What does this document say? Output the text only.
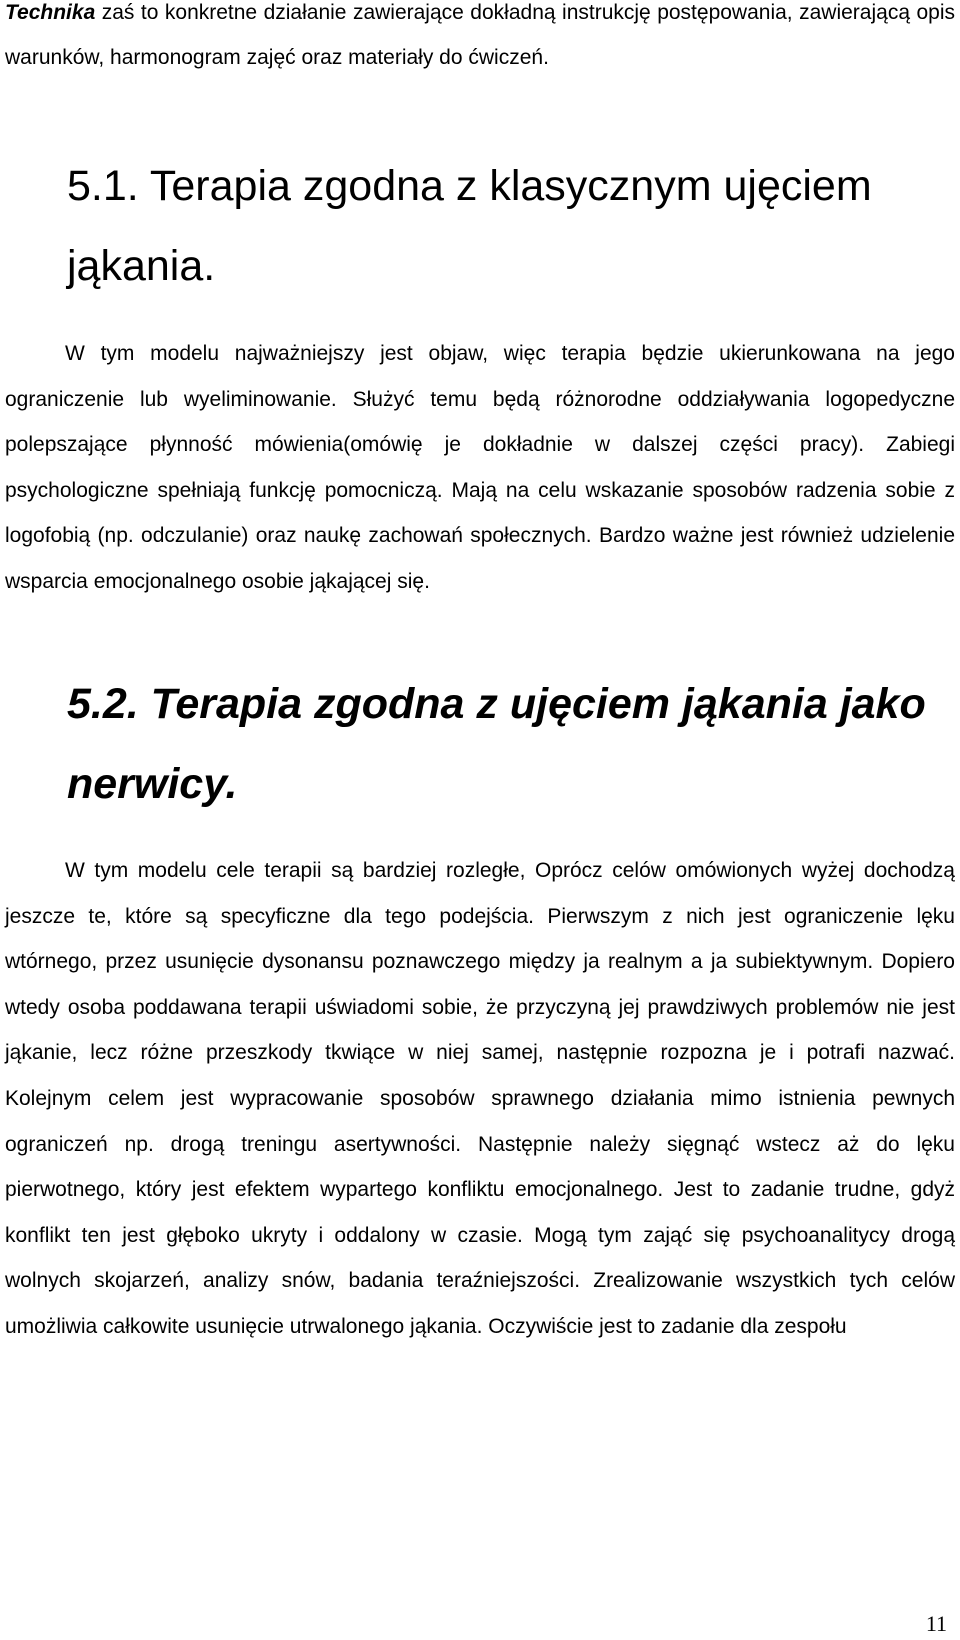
Technika zaś to konkretne działanie zawierające dokładną instrukcję postępowania, zawierającą opis warunków, harmonogram zajęć oraz materiały do ćwiczeń.

5.1. Terapia zgodna z klasycznym ujęciem jąkania.

W tym modelu najważniejszy jest objaw, więc terapia będzie ukierunkowana na jego ograniczenie lub wyeliminowanie. Służyć temu będą różnorodne oddziaływania logopedyczne polepszające płynność mówienia(omówię je dokładnie w dalszej części pracy). Zabiegi psychologiczne spełniają funkcję pomocniczą. Mają na celu wskazanie sposobów radzenia sobie z logofobią (np. odczulanie) oraz naukę zachowań społecznych. Bardzo ważne jest również udzielenie wsparcia emocjonalnego osobie jąkającej się.

5.2. Terapia zgodna z ujęciem jąkania jako nerwicy.

W tym modelu cele terapii są bardziej rozległe, Oprócz celów omówionych wyżej dochodzą jeszcze te, które są specyficzne dla tego podejścia. Pierwszym z nich jest ograniczenie lęku wtórnego, przez usunięcie dysonansu poznawczego między ja realnym a ja subiektywnym. Dopiero wtedy osoba poddawana terapii uświadomi sobie, że przyczyną jej prawdziwych problemów nie jest jąkanie, lecz różne przeszkody tkwiące w niej samej, następnie rozpozna je i potrafi nazwać. Kolejnym celem jest wypracowanie sposobów sprawnego działania mimo istnienia pewnych ograniczeń np. drogą treningu asertywności. Następnie należy sięgnąć wstecz aż do lęku pierwotnego, który jest efektem wypartego konfliktu emocjonalnego. Jest to zadanie trudne, gdyż konflikt ten jest głęboko ukryty i oddalony w czasie. Mogą tym zająć się psychoanalitycy drogą wolnych skojarzeń, analizy snów, badania teraźniejszości. Zrealizowanie wszystkich tych celów umożliwia całkowite usunięcie utrwalonego jąkania. Oczywiście jest to zadanie dla zespołu

11
